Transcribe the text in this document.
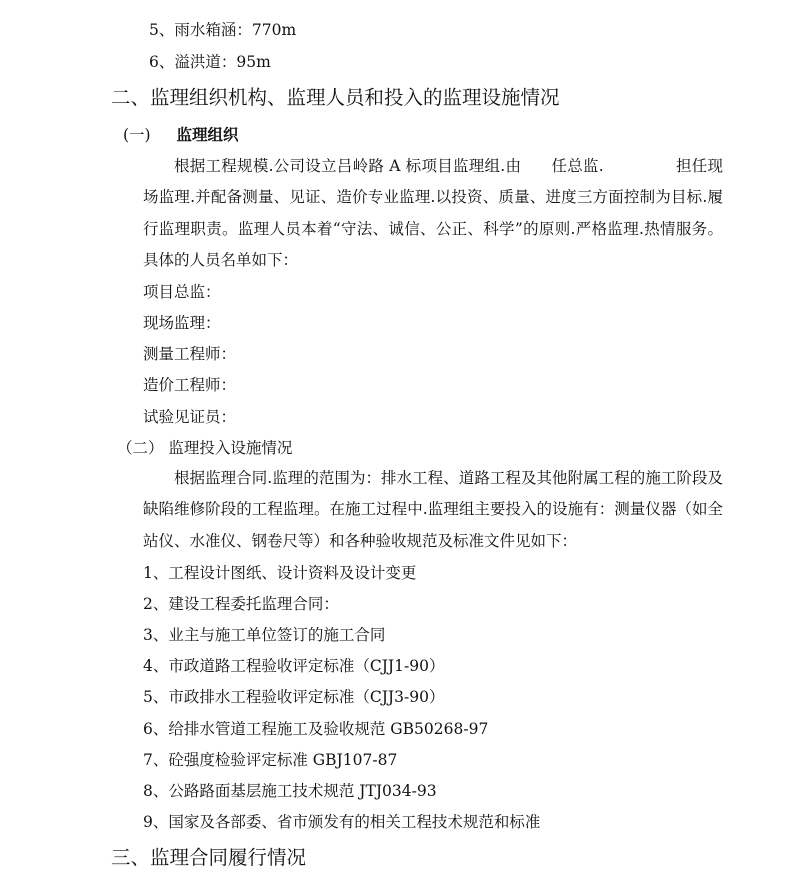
5、雨水箱涵：770m
6、溢洪道：95m
二、监理组织机构、监理人员和投入的监理设施情况
(一) 监理组织

根据工程规模.公司设立吕岭路 A 标项目监理组.由 任总监.	担任现场监理.并配备测量、见证、造价专业监理.以投资、质量、进度三方面控制为目标.履行监理职责。监理人员本着“守法、诚信、公正、科学”的原则.严格监理.热情服务。具体的人员名单如下：

项目总监：
现场监理：
测量工程师：
造价工程师：
试验见证员：
（二） 监理投入设施情况

根据监理合同.监理的范围为：排水工程、道路工程及其他附属工程的施工阶段及缺陷维修阶段的工程监理。在施工过程中.监理组主要投入的设施有：测量仪器（如全站仪、水准仪、钢卷尺等）和各种验收规范及标准文件见如下：

1、工程设计图纸、设计资料及设计变更
2、建设工程委托监理合同：
3、业主与施工单位签订的施工合同
4、市政道路工程验收评定标准（CJJ1-90）
5、市政排水工程验收评定标准（CJJ3-90）
6、给排水管道工程施工及验收规范 GB50268-97
7、砼强度检验评定标准 GBJ107-87
8、公路路面基层施工技术规范 JTJ034-93
9、国家及各部委、省市颁发有的相关工程技术规范和标准
三、监理合同履行情况
